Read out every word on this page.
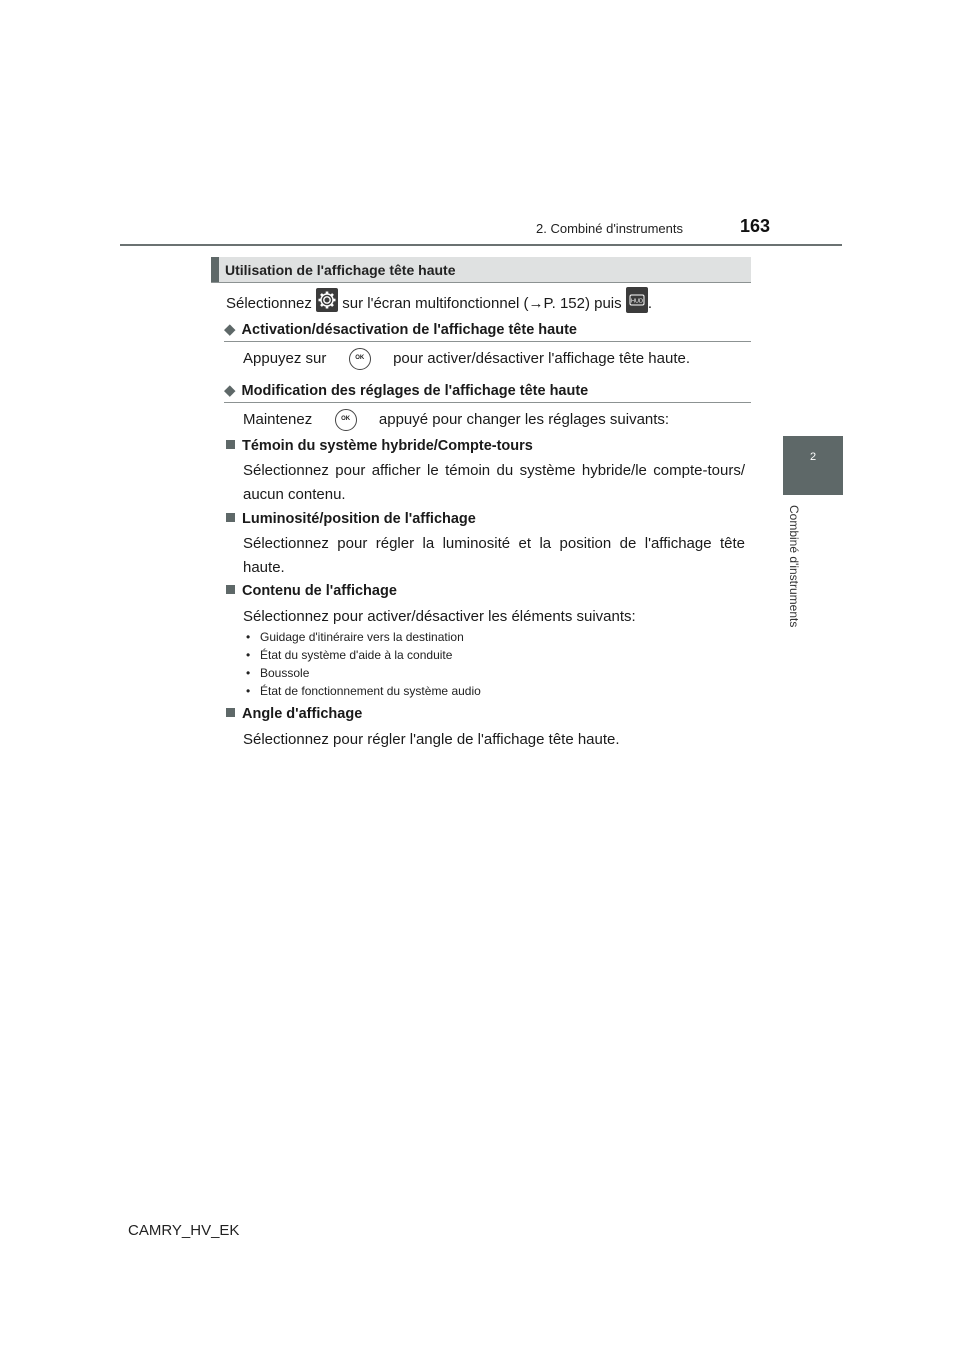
2. Combiné d'instruments	163
2
Combiné d'instruments
Utilisation de l'affichage tête haute
Sélectionnez sur l'écran multifonctionnel (→P. 152) puis HUD .
◆ Activation/désactivation de l'affichage tête haute
Appuyez sur	OK pour activer/désactiver l'affichage tête haute.
◆ Modification des réglages de l'affichage tête haute
Maintenez	OK appuyé pour changer les réglages suivants:
Témoin du système hybride/Compte-tours
Sélectionnez pour afficher le témoin du système hybride/le compte-tours/ aucun contenu.
Luminosité/position de l'affichage
Sélectionnez pour régler la luminosité et la position de l'affichage tête haute.
Contenu de l'affichage
Sélectionnez pour activer/désactiver les éléments suivants:
• Guidage d'itinéraire vers la destination
• État du système d'aide à la conduite
• Boussole
• État de fonctionnement du système audio
Angle d'affichage
Sélectionnez pour régler l'angle de l'affichage tête haute.
CAMRY_HV_EK
